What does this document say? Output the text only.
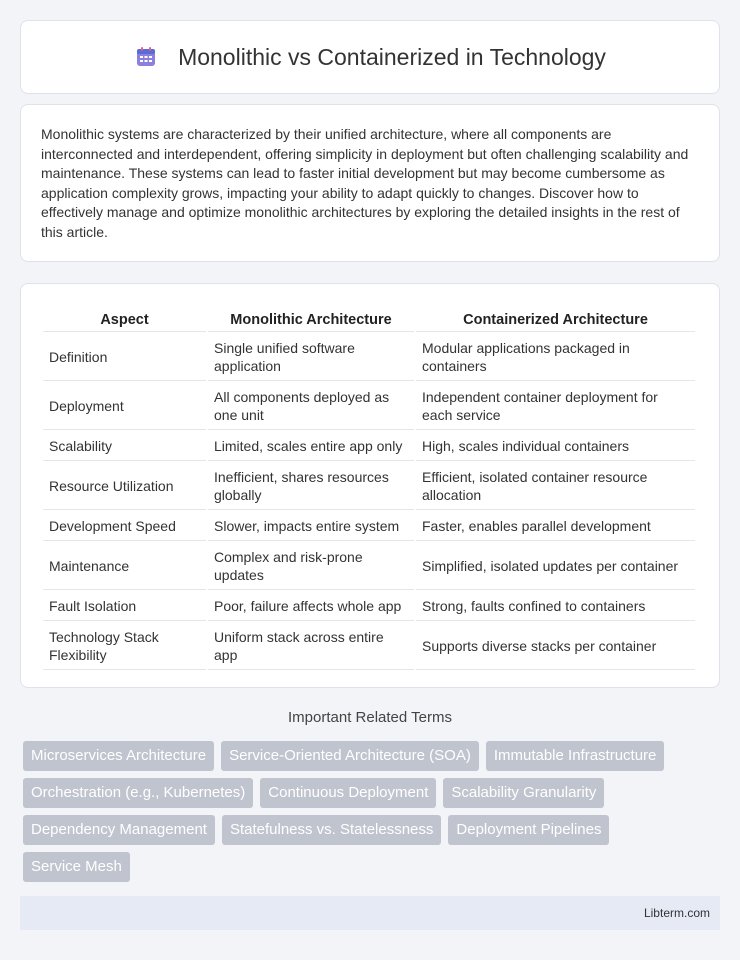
Monolithic vs Containerized in Technology

Monolithic systems are characterized by their unified architecture, where all components are interconnected and interdependent, offering simplicity in deployment but often challenging scalability and maintenance. These systems can lead to faster initial development but may become cumbersome as application complexity grows, impacting your ability to adapt quickly to changes. Discover how to effectively manage and optimize monolithic architectures by exploring the detailed insights in the rest of this article.

Aspect	Monolithic Architecture	Containerized Architecture
Definition	Single unified software application	Modular applications packaged in containers
Deployment	All components deployed as one unit	Independent container deployment for each service
Scalability	Limited, scales entire app only	High, scales individual containers
Resource Utilization	Inefficient, shares resources globally	Efficient, isolated container resource allocation
Development Speed	Slower, impacts entire system	Faster, enables parallel development
Maintenance	Complex and risk-prone updates	Simplified, isolated updates per container
Fault Isolation	Poor, failure affects whole app	Strong, faults confined to containers
Technology Stack Flexibility	Uniform stack across entire app	Supports diverse stacks per container
Important Related Terms
Microservices Architecture	Service-Oriented Architecture (SOA)	Immutable Infrastructure
Orchestration (e.g., Kubernetes)	Continuous Deployment	Scalability Granularity
Dependency Management	Statefulness vs. Statelessness	Deployment Pipelines
Service Mesh
Libterm.com
